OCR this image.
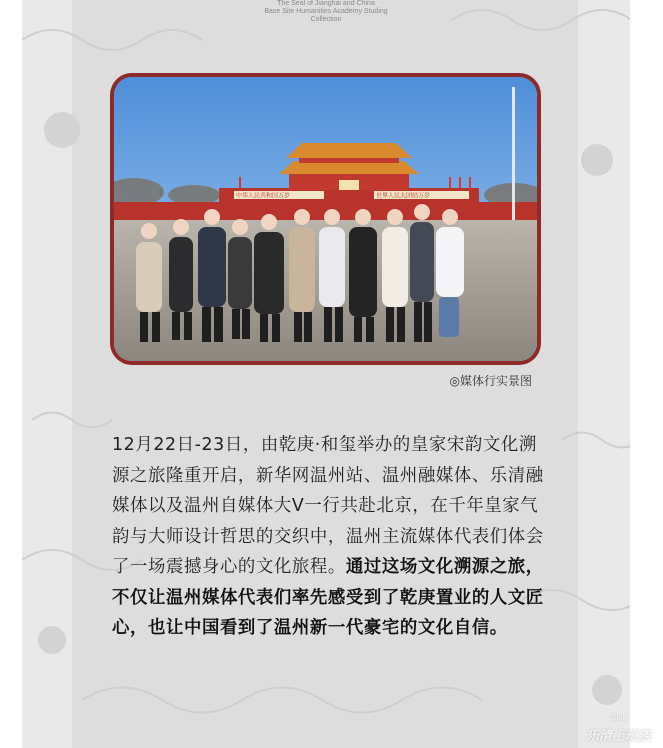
The Seal of Jianghai and China
Base Site Humanities Academy Studing
Collection
中华人民共和国万岁	世界人民大团结万岁
◎媒体行实景图
12月22日-23日，由乾庚·和玺举办的皇家宋韵文化溯源之旅隆重开启，新华网温州站、温州融媒体、乐清融媒体以及温州自媒体大V一行共赴北京，在千年皇家气韵与大师设计哲思的交织中，温州主流媒体代表们体会了一场震撼身心的文化旅程。通过这场文化溯源之旅，不仅让温州媒体代表们率先感受到了乾庚置业的人文匠心，也让中国看到了温州新一代豪宅的文化自信。
Sina
乐清上班族
